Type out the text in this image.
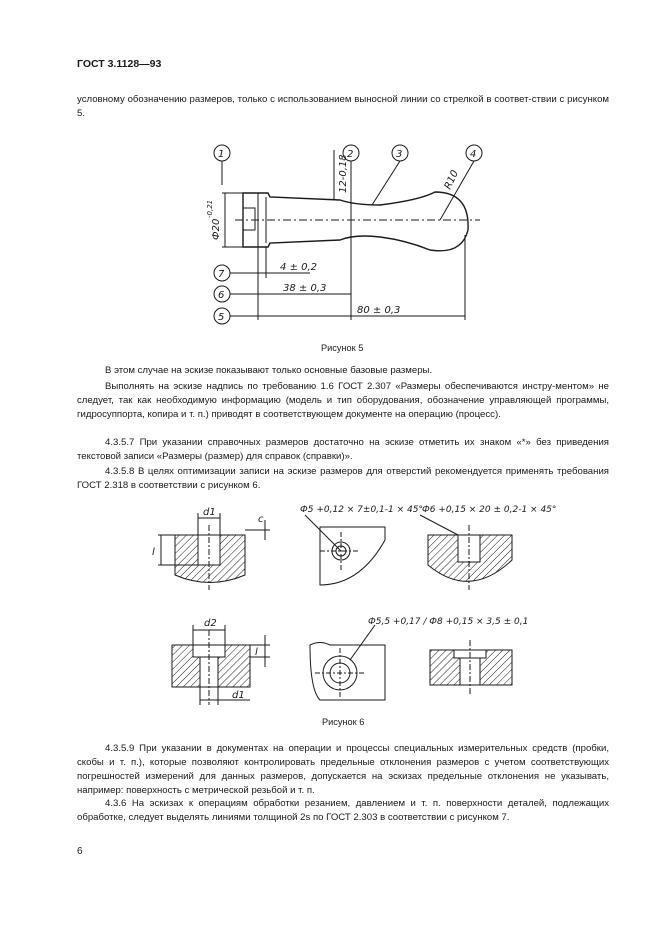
ГОСТ 3.1128—93
условному обозначению размеров, только с использованием выносной линии со стрелкой в соответ-ствии с рисунком 5.
1	2	3	4
7
6
5
4 ± 0,2
38 ± 0,3
80 ± 0,3
Ф20
-0,21
12-0,18	R10
Рисунок 5
В этом случае на эскизе показывают только основные базовые размеры.
Выполнять на эскизе надпись по требованию 1.6 ГОСТ 2.307 «Размеры обеспечиваются инстру-ментом» не следует, так как необходимую информацию (модель и тип оборудования, обозначение управляющей программы, гидросуппорта, копира и т. п.) приводят в соответствующем документе на операцию (процесс).
4.3.5.7 При указании справочных размеров достаточно на эскизе отметить их знаком «*» без приведения текстовой записи «Размеры (размер) для справок (справки)».
4.3.5.8 В целях оптимизации записи на эскизе размеров для отверстий рекомендуется применять требования ГОСТ 2.318 в соответствии с рисунком 6.
d1
l
c
Ф5 +0,12 × 7±0,1-1 × 45° Ф6 +0,15 × 20 ± 0,2-1 × 45°
d2
d1
l
Ф5,5 +0,17 / Ф8 +0,15 × 3,5 ± 0,1
Рисунок 6
4.3.5.9 При указании в документах на операции и процессы специальных измерительных средств (пробки, скобы и т. п.), которые позволяют контролировать предельные отклонения размеров с учетом соответствующих погрешностей измерений для данных размеров, допускается на эскизах предельные отклонения не указывать, например: поверхность с метрической резьбой и т. п.
4.3.6 На эскизах к операциям обработки резанием, давлением и т. п. поверхности деталей, подлежащих обработке, следует выделять линиями толщиной 2s по ГОСТ 2.303 в соответствии с рисунком 7.
6
